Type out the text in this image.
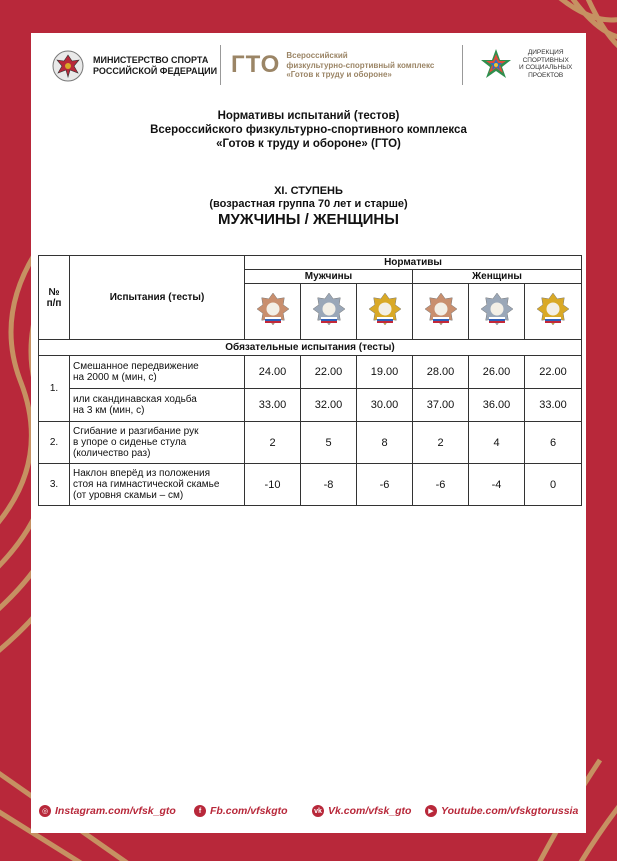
МИНИСТЕРСТВО СПОРТА
РОССИЙСКОЙ ФЕДЕРАЦИИ ГТО Всероссийский
физкультурно-спортивный комплекс
«Готов к труду и обороне»
ДИРЕКЦИЯ
СПОРТИВНЫХ
И СОЦИАЛЬНЫХ
ПРОЕКТОВ
Нормативы испытаний (тестов)
Всероссийского физкультурно-спортивного комплекса
«Готов к труду и обороне» (ГТО)
XI. СТУПЕНЬ
(возрастная группа 70 лет и старше)
МУЖЧИНЫ / ЖЕНЩИНЫ
№
п/п	Испытания (тесты)	Нормативы					
		Мужчины			Женщины		

Обязательные испытания (тесты)							
1.	Смешанное передвижение
на 2000 м (мин, с)	24.00	22.00	19.00	28.00	26.00	22.00

	или скандинавская ходьба
на 3 км (мин, с)	33.00	32.00	30.00	37.00	36.00	33.00
2.	Сгибание и разгибание рук
в упоре о сиденье стула
(количество раз)	2	5	8	2	4	6
3.	Наклон вперёд из положения
стоя на гимнастической скамье
(от уровня скамьи – см)	-10	-8	-6	-6	-4	0
◎ Instagram.com/vfsk_gto	f Fb.com/vfskgto	vk Vk.com/vfsk_gto	▶ Youtube.com/vfskgtorussia
